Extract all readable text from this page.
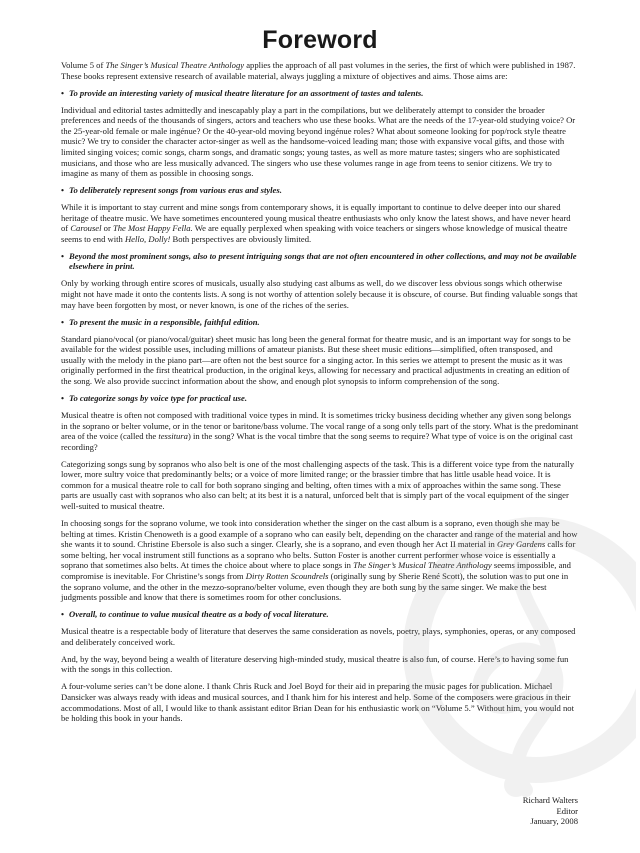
Foreword

Volume 5 of The Singer’s Musical Theatre Anthology applies the approach of all past volumes in the series, the first of which were published in 1987. These books represent extensive research of available material, always juggling a mixture of objectives and aims. Those aims are:

• To provide an interesting variety of musical theatre literature for an assortment of tastes and talents.

Individual and editorial tastes admittedly and inescapably play a part in the compilations, but we deliberately attempt to consider the broader preferences and needs of the thousands of singers, actors and teachers who use these books. What are the needs of the 17-year-old studying voice? Or the 25-year-old female or male ingénue? Or the 40-year-old moving beyond ingénue roles? What about someone looking for pop/rock style theatre music? We try to consider the character actor-singer as well as the handsome-voiced leading man; those with expansive vocal gifts, and those with limited singing voices; comic songs, charm songs, and dramatic songs; young tastes, as well as more mature tastes; singers who are sophisticated musicians, and those who are less musically advanced. The singers who use these volumes range in age from teens to senior citizens. We try to imagine as many of them as possible in choosing songs.

• To deliberately represent songs from various eras and styles.

While it is important to stay current and mine songs from contemporary shows, it is equally important to continue to delve deeper into our shared heritage of theatre music. We have sometimes encountered young musical theatre enthusiasts who only know the latest shows, and have never heard of Carousel or The Most Happy Fella. We are equally perplexed when speaking with voice teachers or singers whose knowledge of musical theatre seems to end with Hello, Dolly! Both perspectives are obviously limited.

• Beyond the most prominent songs, also to present intriguing songs that are not often encountered in other collections, and may not be available elsewhere in print.

Only by working through entire scores of musicals, usually also studying cast albums as well, do we discover less obvious songs which otherwise might not have made it onto the contents lists. A song is not worthy of attention solely because it is obscure, of course. But finding valuable songs that may have been forgotten by most, or never known, is one of the riches of the series.

• To present the music in a responsible, faithful edition.

Standard piano/vocal (or piano/vocal/guitar) sheet music has long been the general format for theatre music, and is an important way for songs to be available for the widest possible uses, including millions of amateur pianists. But these sheet music editions—simplified, often transposed, and usually with the melody in the piano part—are often not the best source for a singing actor. In this series we attempt to present the music as it was originally performed in the first theatrical production, in the original keys, allowing for necessary and practical adjustments in creating an edition of the song. We also provide succinct information about the show, and enough plot synopsis to inform comprehension of the song.

• To categorize songs by voice type for practical use.

Musical theatre is often not composed with traditional voice types in mind. It is sometimes tricky business deciding whether any given song belongs in the soprano or belter volume, or in the tenor or baritone/bass volume. The vocal range of a song only tells part of the story. What is the predominant area of the voice (called the tessitura) in the song? What is the vocal timbre that the song seems to require? What type of voice is on the original cast recording?

Categorizing songs sung by sopranos who also belt is one of the most challenging aspects of the task. This is a different voice type from the naturally lower, more sultry voice that predominantly belts; or a voice of more limited range; or the brassier timbre that has little usable head voice. It is common for a musical theatre role to call for both soprano singing and belting, often times with a mix of approaches within the same song. These parts are usually cast with sopranos who also can belt; at its best it is a natural, unforced belt that is simply part of the vocal equipment of the singer well-suited to musical theatre.

In choosing songs for the soprano volume, we took into consideration whether the singer on the cast album is a soprano, even though she may be belting at times. Kristin Chenoweth is a good example of a soprano who can easily belt, depending on the character and range of the material and how she wants it to sound. Christine Ebersole is also such a singer. Clearly, she is a soprano, and even though her Act II material in Grey Gardens calls for some belting, her vocal instrument still functions as a soprano who belts. Sutton Foster is another current performer whose voice is essentially a soprano that sometimes also belts. At times the choice about where to place songs in The Singer’s Musical Theatre Anthology seems impossible, and compromise is inevitable. For Christine’s songs from Dirty Rotten Scoundrels (originally sung by Sherie René Scott), the solution was to put one in the soprano volume, and the other in the mezzo-soprano/belter volume, even though they are both sung by the same singer. We make the best judgments possible and know that there is sometimes room for other conclusions.

• Overall, to continue to value musical theatre as a body of vocal literature.

Musical theatre is a respectable body of literature that deserves the same consideration as novels, poetry, plays, symphonies, operas, or any composed and deliberately conceived work.

And, by the way, beyond being a wealth of literature deserving high-minded study, musical theatre is also fun, of course. Here’s to having some fun with the songs in this collection.

A four-volume series can’t be done alone. I thank Chris Ruck and Joel Boyd for their aid in preparing the music pages for publication. Michael Dansicker was always ready with ideas and musical sources, and I thank him for his interest and help. Some of the composers were gracious in their accommodations. Most of all, I would like to thank assistant editor Brian Dean for his enthusiastic work on “Volume 5.” Without him, you would not be holding this book in your hands.

Richard Walters
Editor
January, 2008
